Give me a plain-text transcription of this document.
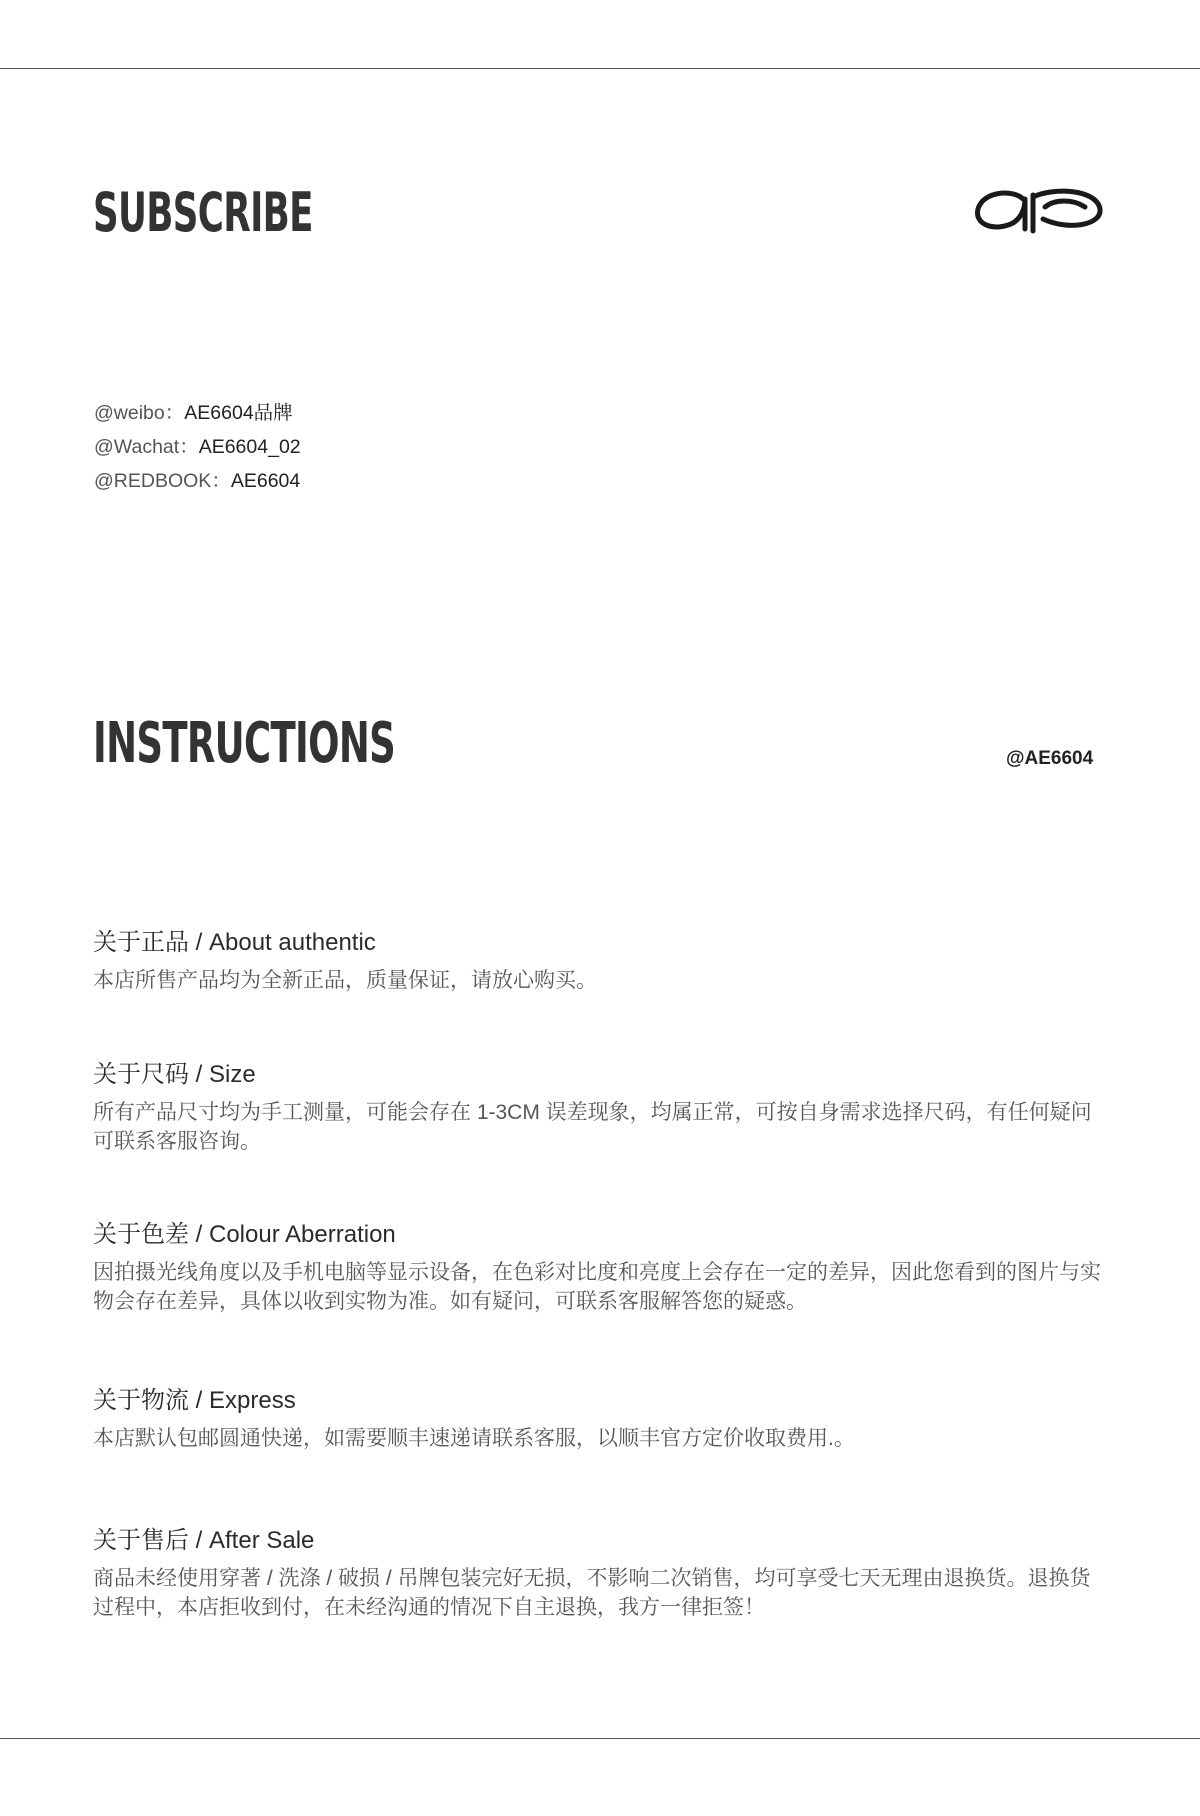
SUBSCRIBE
@weibo：AE6604品牌
@Wachat：AE6604_02
@REDBOOK：AE6604
INSTRUCTIONS	@AE6604

关于正品 / About authentic

本店所售产品均为全新正品，质量保证，请放心购买。

关于尺码 / Size

所有产品尺寸均为手工测量，可能会存在 1-3CM 误差现象，均属正常，可按自身需求选择尺码，有任何疑问可联系客服咨询。

关于色差 / Colour Aberration

因拍摄光线角度以及手机电脑等显示设备，在色彩对比度和亮度上会存在一定的差异，因此您看到的图片与实物会存在差异，具体以收到实物为准。如有疑问，可联系客服解答您的疑惑。

关于物流 / Express

本店默认包邮圆通快递，如需要顺丰速递请联系客服，以顺丰官方定价收取费用.。

关于售后 / After Sale

商品未经使用穿著 / 洗涤 / 破损 / 吊牌包装完好无损，不影响二次销售，均可享受七天无理由退换货。退换货过程中，本店拒收到付，在未经沟通的情况下自主退换，我方一律拒签！
